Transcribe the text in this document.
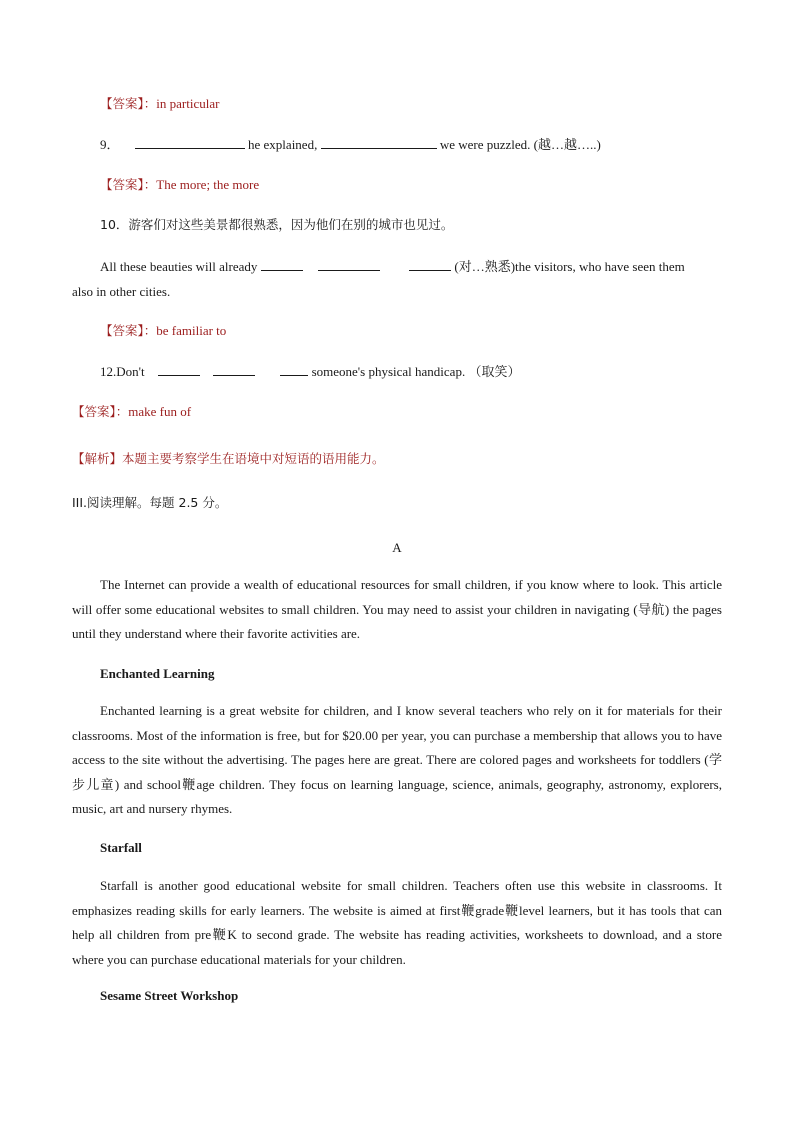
【答案】：in particular
9．	he explained,	we were puzzled. (越…越…..)
【答案】：The more; the more
10．游客们对这些美景都很熟悉，因为他们在别的城市也见过。
All these beauties will already	(对…熟悉)the visitors, who have seen them
also in other cities.
【答案】：be familiar to
12.Don't	someone's physical handicap. （取笑）
【答案】：make fun of
【解析】本题主要考察学生在语境中对短语的语用能力。
III.阅读理解。每题 2.5 分。
A
The Internet can provide a wealth of educational resources for small children, if you know where to look. This article will offer some educational websites to small children. You may need to assist your children in navigating (导航) the pages until they understand where their favorite activities are.
Enchanted Learning
Enchanted learning is a great website for children, and I know several teachers who rely on it for materials for their classrooms. Most of the information is free, but for $20.00 per year, you can purchase a membership that allows you to have access to the site without the advertising. The pages here are great. There are colored pages and worksheets for toddlers (学步儿童) and school鞭age children. They focus on learning language, science, animals, geography, astronomy, explorers, music, art and nursery rhymes.
Starfall
Starfall is another good educational website for small children. Teachers often use this website in classrooms. It emphasizes reading skills for early learners. The website is aimed at first鞭grade鞭level learners, but it has tools that can help all children from pre鞭K to second grade. The website has reading activities, worksheets to download, and a store where you can purchase educational materials for your children.
Sesame Street Workshop
